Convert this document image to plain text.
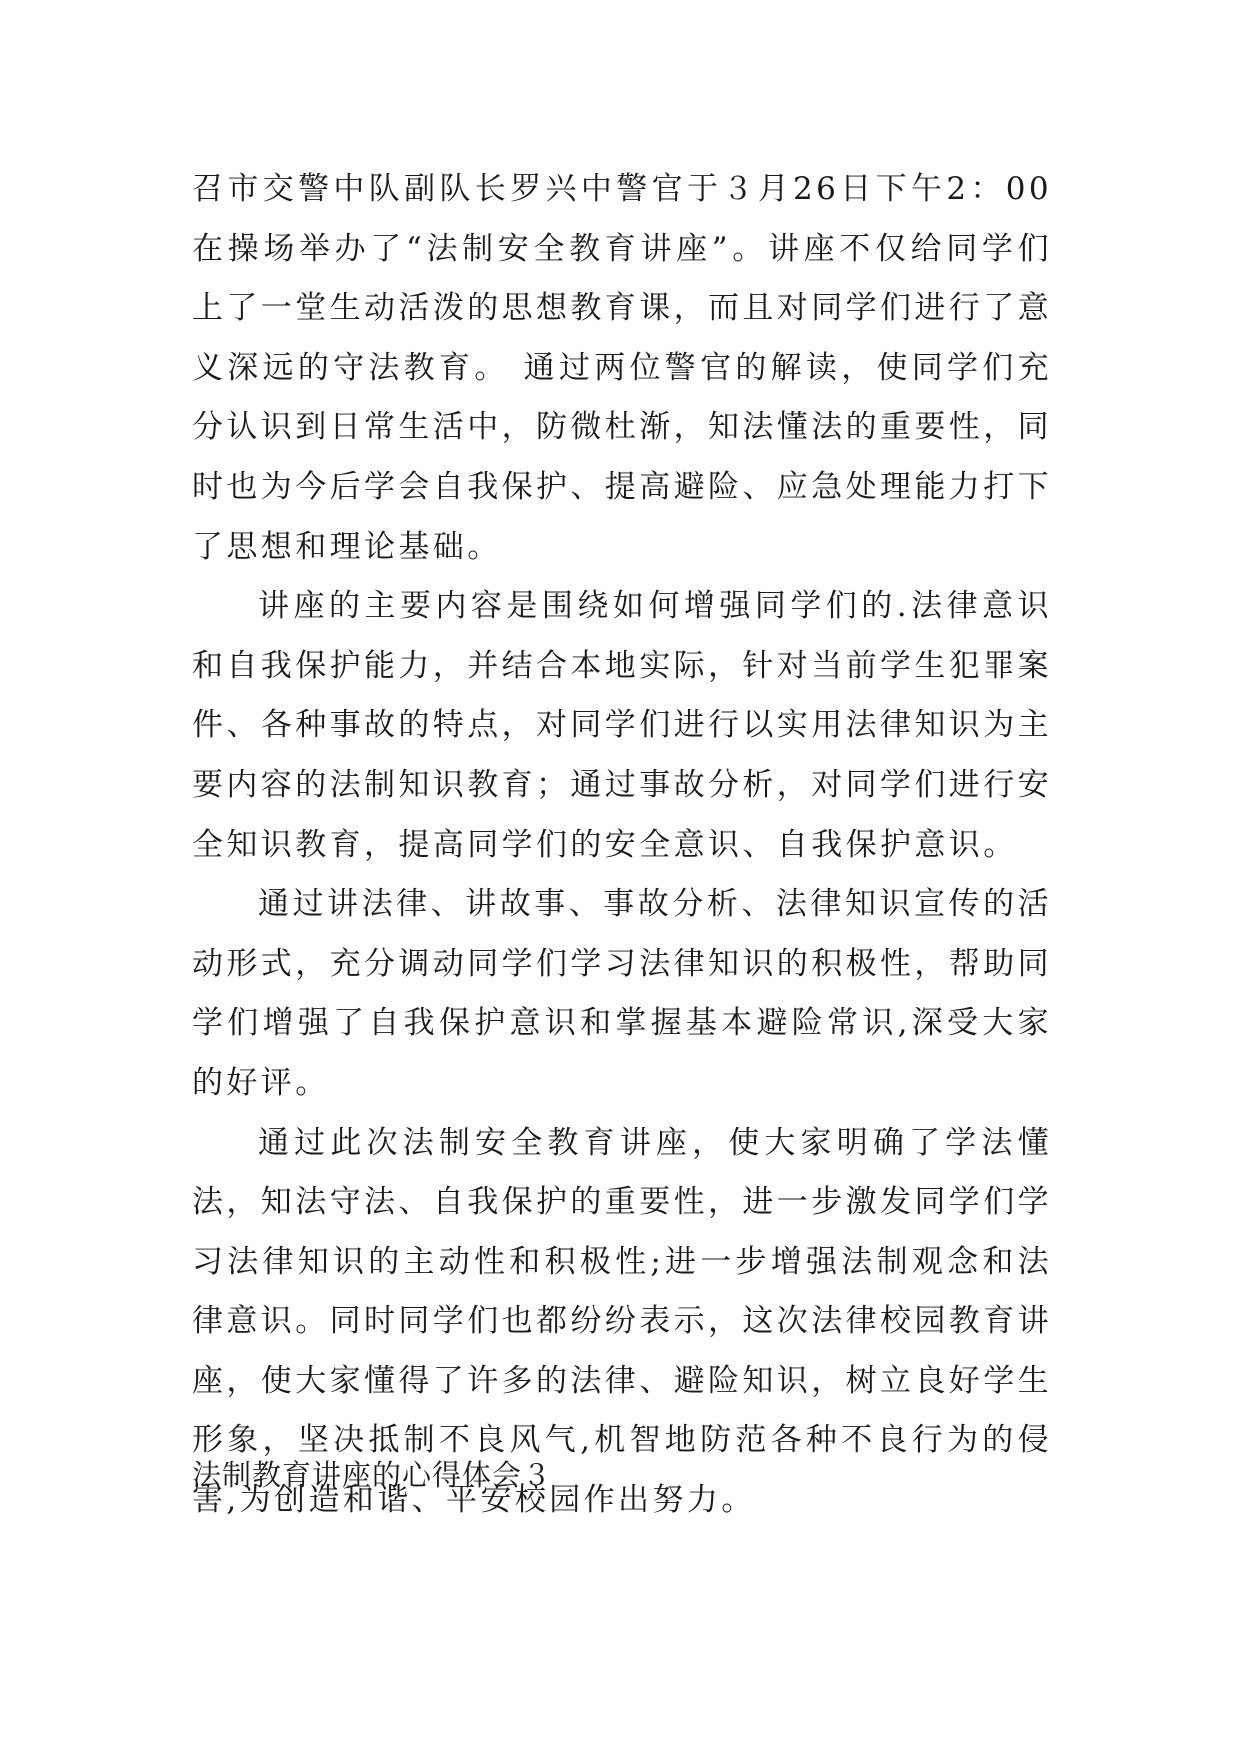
召市交警中队副队长罗兴中警官于３月26日下午2：00在操场举办了“法制安全教育讲座”。讲座不仅给同学们上了一堂生动活泼的思想教育课，而且对同学们进行了意义深远的守法教育。 通过两位警官的解读，使同学们充分认识到日常生活中，防微杜渐，知法懂法的重要性，同时也为今后学会自我保护、提高避险、应急处理能力打下了思想和理论基础。

讲座的主要内容是围绕如何增强同学们的.法律意识和自我保护能力，并结合本地实际，针对当前学生犯罪案件、各种事故的特点，对同学们进行以实用法律知识为主要内容的法制知识教育；通过事故分析，对同学们进行安全知识教育，提高同学们的安全意识、自我保护意识。

通过讲法律、讲故事、事故分析、法律知识宣传的活动形式，充分调动同学们学习法律知识的积极性，帮助同学们增强了自我保护意识和掌握基本避险常识,深受大家的好评。

通过此次法制安全教育讲座，使大家明确了学法懂法，知法守法、自我保护的重要性，进一步激发同学们学习法律知识的主动性和积极性;进一步增强法制观念和法律意识。同时同学们也都纷纷表示，这次法律校园教育讲座，使大家懂得了许多的法律、避险知识，树立良好学生形象，坚决抵制不良风气,机智地防范各种不良行为的侵害,为创造和谐、平安校园作出努力。

法制教育讲座的心得体会３
